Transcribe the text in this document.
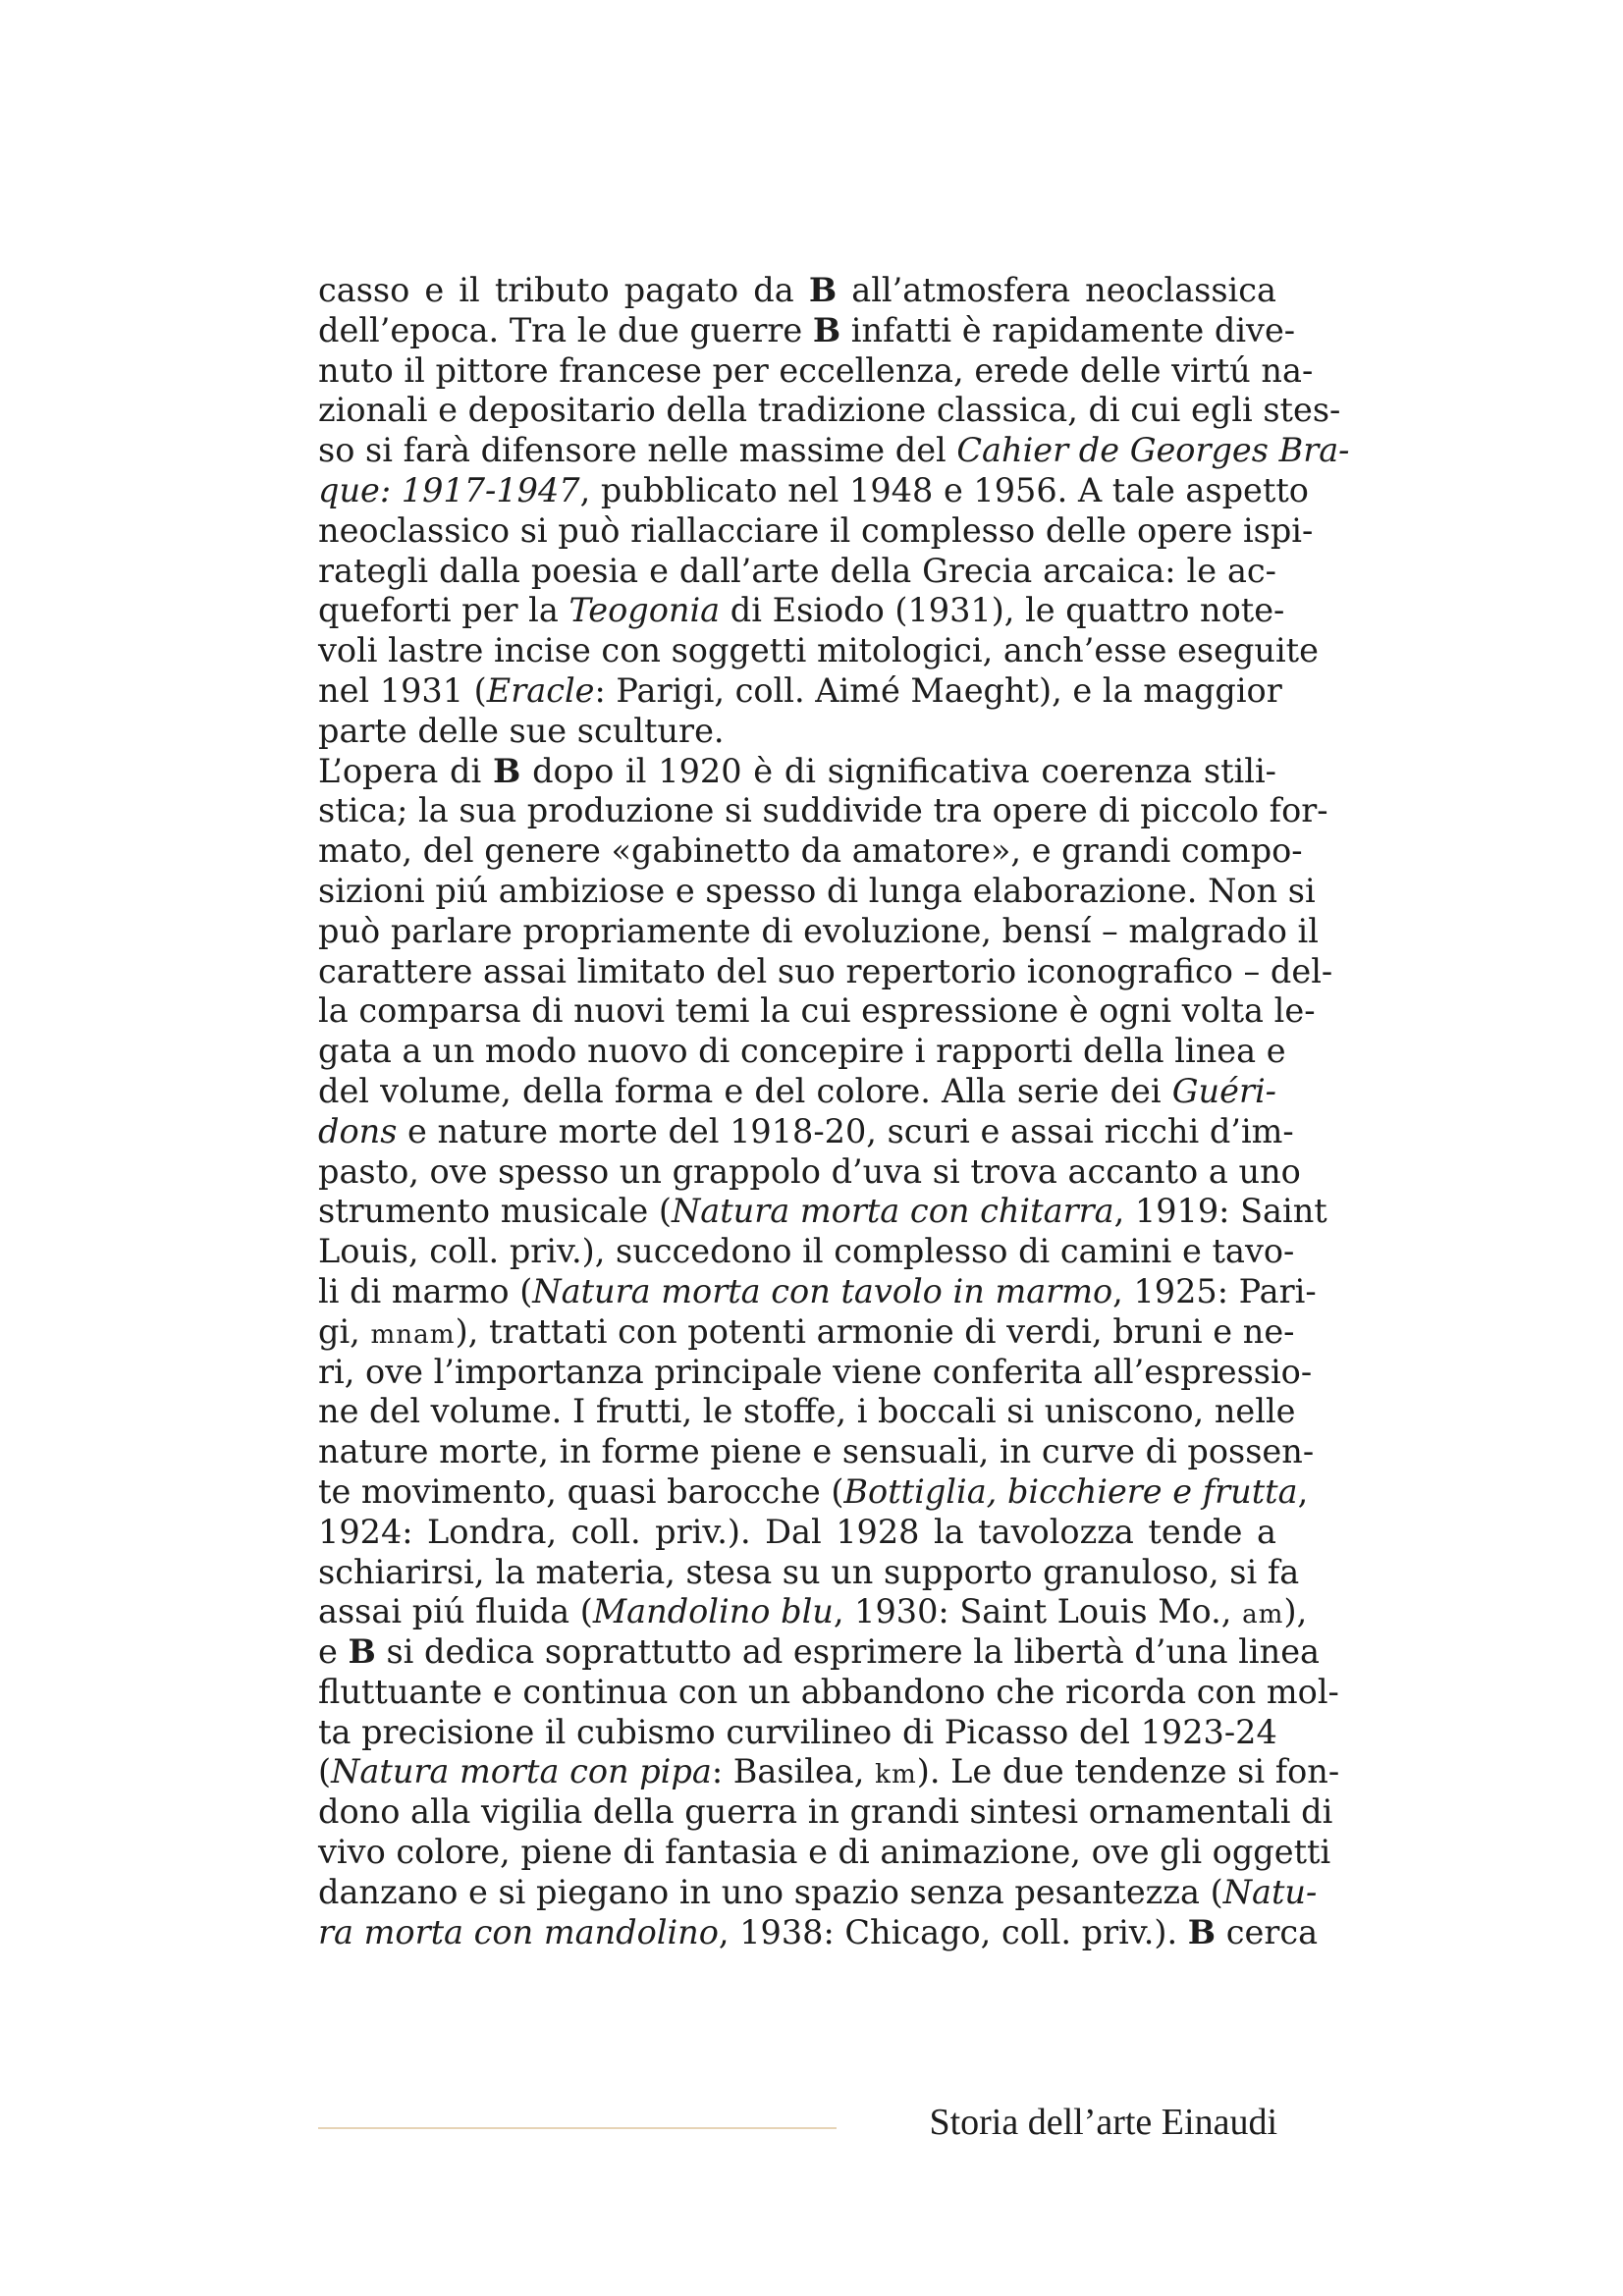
casso e il tributo pagato da B all’atmosfera neoclassica
dell’epoca. Tra le due guerre B infatti è rapidamente dive-
nuto il pittore francese per eccellenza, erede delle virtú na-
zionali e depositario della tradizione classica, di cui egli stes-
so si farà difensore nelle massime del Cahier de Georges Bra-
que: 1917-1947, pubblicato nel 1948 e 1956. A tale aspetto
neoclassico si può riallacciare il complesso delle opere ispi-
rategli dalla poesia e dall’arte della Grecia arcaica: le ac-
queforti per la Teogonia di Esiodo (1931), le quattro note-
voli lastre incise con soggetti mitologici, anch’esse eseguite
nel 1931 (Eracle: Parigi, coll. Aimé Maeght), e la maggior
parte delle sue sculture.
L’opera di B dopo il 1920 è di significativa coerenza stili-
stica; la sua produzione si suddivide tra opere di piccolo for-
mato, del genere «gabinetto da amatore», e grandi compo-
sizioni piú ambiziose e spesso di lunga elaborazione. Non si
può parlare propriamente di evoluzione, bensí – malgrado il
carattere assai limitato del suo repertorio iconografico – del-
la comparsa di nuovi temi la cui espressione è ogni volta le-
gata a un modo nuovo di concepire i rapporti della linea e
del volume, della forma e del colore. Alla serie dei Guéri-
dons e nature morte del 1918-20, scuri e assai ricchi d’im-
pasto, ove spesso un grappolo d’uva si trova accanto a uno
strumento musicale (Natura morta con chitarra, 1919: Saint
Louis, coll. priv.), succedono il complesso di camini e tavo-
li di marmo (Natura morta con tavolo in marmo, 1925: Pari-
gi, mnam), trattati con potenti armonie di verdi, bruni e ne-
ri, ove l’importanza principale viene conferita all’espressio-
ne del volume. I frutti, le stoffe, i boccali si uniscono, nelle
nature morte, in forme piene e sensuali, in curve di possen-
te movimento, quasi barocche (Bottiglia, bicchiere e frutta,
1924: Londra, coll. priv.). Dal 1928 la tavolozza tende a
schiarirsi, la materia, stesa su un supporto granuloso, si fa
assai piú fluida (Mandolino blu, 1930: Saint Louis Mo., am),
e B si dedica soprattutto ad esprimere la libertà d’una linea
fluttuante e continua con un abbandono che ricorda con mol-
ta precisione il cubismo curvilineo di Picasso del 1923-24
(Natura morta con pipa: Basilea, km). Le due tendenze si fon-
dono alla vigilia della guerra in grandi sintesi ornamentali di
vivo colore, piene di fantasia e di animazione, ove gli oggetti
danzano e si piegano in uno spazio senza pesantezza (Natu-
ra morta con mandolino, 1938: Chicago, coll. priv.). B cerca
Storia dell’arte Einaudi
